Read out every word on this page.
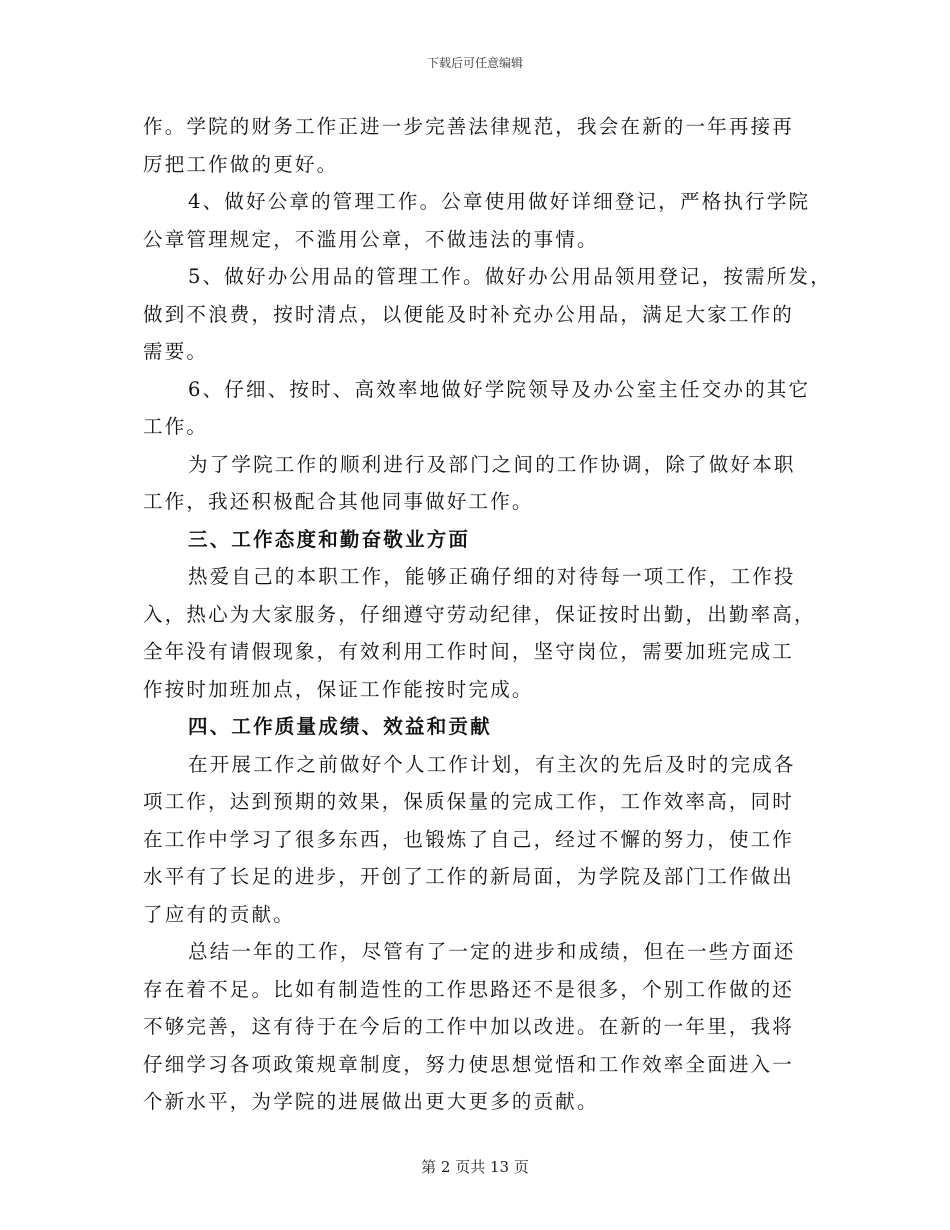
下载后可任意编辑
作。学院的财务工作正进一步完善法律规范，我会在新的一年再接再
厉把工作做的更好。
4、做好公章的管理工作。公章使用做好详细登记，严格执行学院
公章管理规定，不滥用公章，不做违法的事情。
5、做好办公用品的管理工作。做好办公用品领用登记，按需所发，
做到不浪费，按时清点，以便能及时补充办公用品，满足大家工作的
需要。
6、仔细、按时、高效率地做好学院领导及办公室主任交办的其它
工作。
为了学院工作的顺利进行及部门之间的工作协调，除了做好本职
工作，我还积极配合其他同事做好工作。
三、工作态度和勤奋敬业方面
热爱自己的本职工作，能够正确仔细的对待每一项工作，工作投
入，热心为大家服务，仔细遵守劳动纪律，保证按时出勤，出勤率高，
全年没有请假现象，有效利用工作时间，坚守岗位，需要加班完成工
作按时加班加点，保证工作能按时完成。
四、工作质量成绩、效益和贡献
在开展工作之前做好个人工作计划，有主次的先后及时的完成各
项工作，达到预期的效果，保质保量的完成工作，工作效率高，同时
在工作中学习了很多东西，也锻炼了自己，经过不懈的努力，使工作
水平有了长足的进步，开创了工作的新局面，为学院及部门工作做出
了应有的贡献。
总结一年的工作，尽管有了一定的进步和成绩，但在一些方面还
存在着不足。比如有制造性的工作思路还不是很多，个别工作做的还
不够完善，这有待于在今后的工作中加以改进。在新的一年里，我将
仔细学习各项政策规章制度，努力使思想觉悟和工作效率全面进入一
个新水平，为学院的进展做出更大更多的贡献。
第 2 页共 13 页
